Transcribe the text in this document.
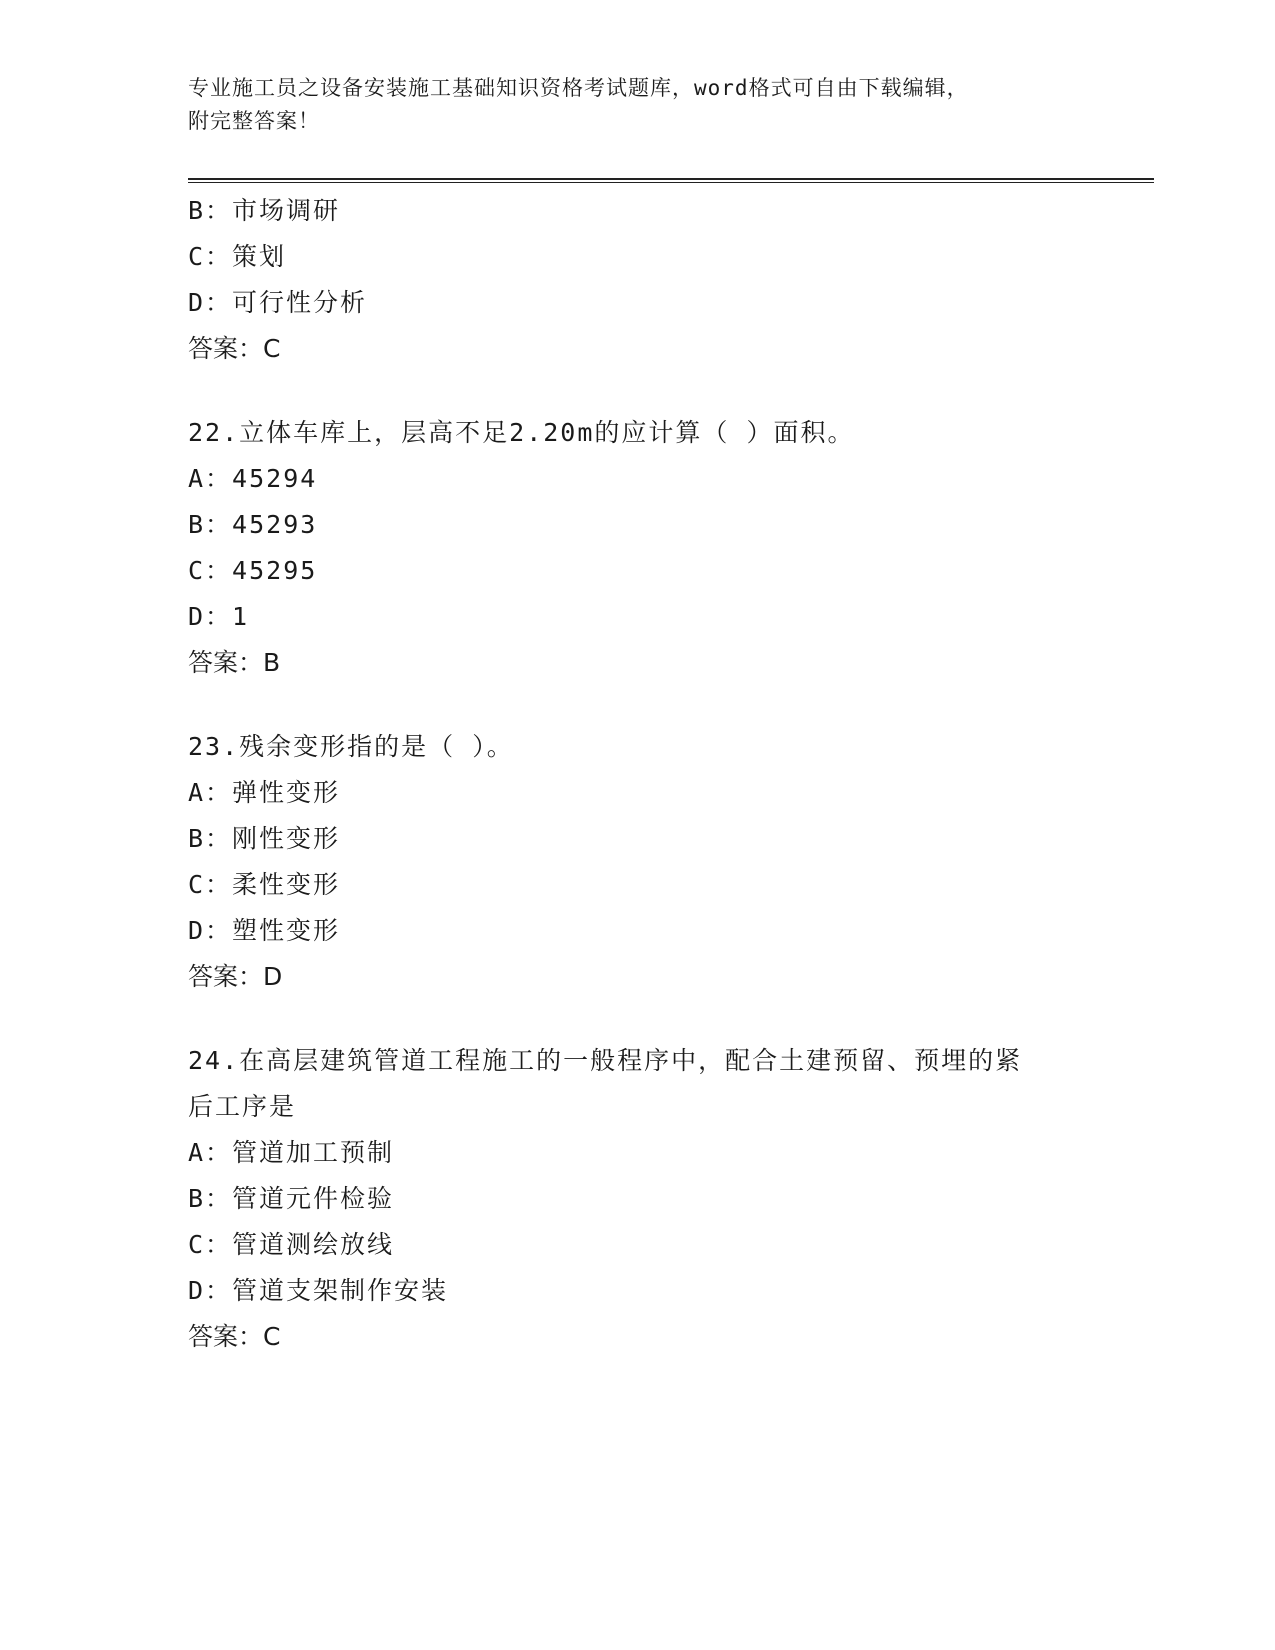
专业施工员之设备安装施工基础知识资格考试题库，word格式可自由下载编辑，
附完整答案！
B：市场调研
C：策划
D：可行性分析
答案：C
22.立体车库上，层高不足2.20m的应计算（ ）面积。
A：45294
B：45293
C：45295
D：1
答案：B
23.残余变形指的是（ ）。
A：弹性变形
B：刚性变形
C：柔性变形
D：塑性变形
答案：D
24.在高层建筑管道工程施工的一般程序中，配合土建预留、预埋的紧
后工序是
A：管道加工预制
B：管道元件检验
C：管道测绘放线
D：管道支架制作安装
答案：C
